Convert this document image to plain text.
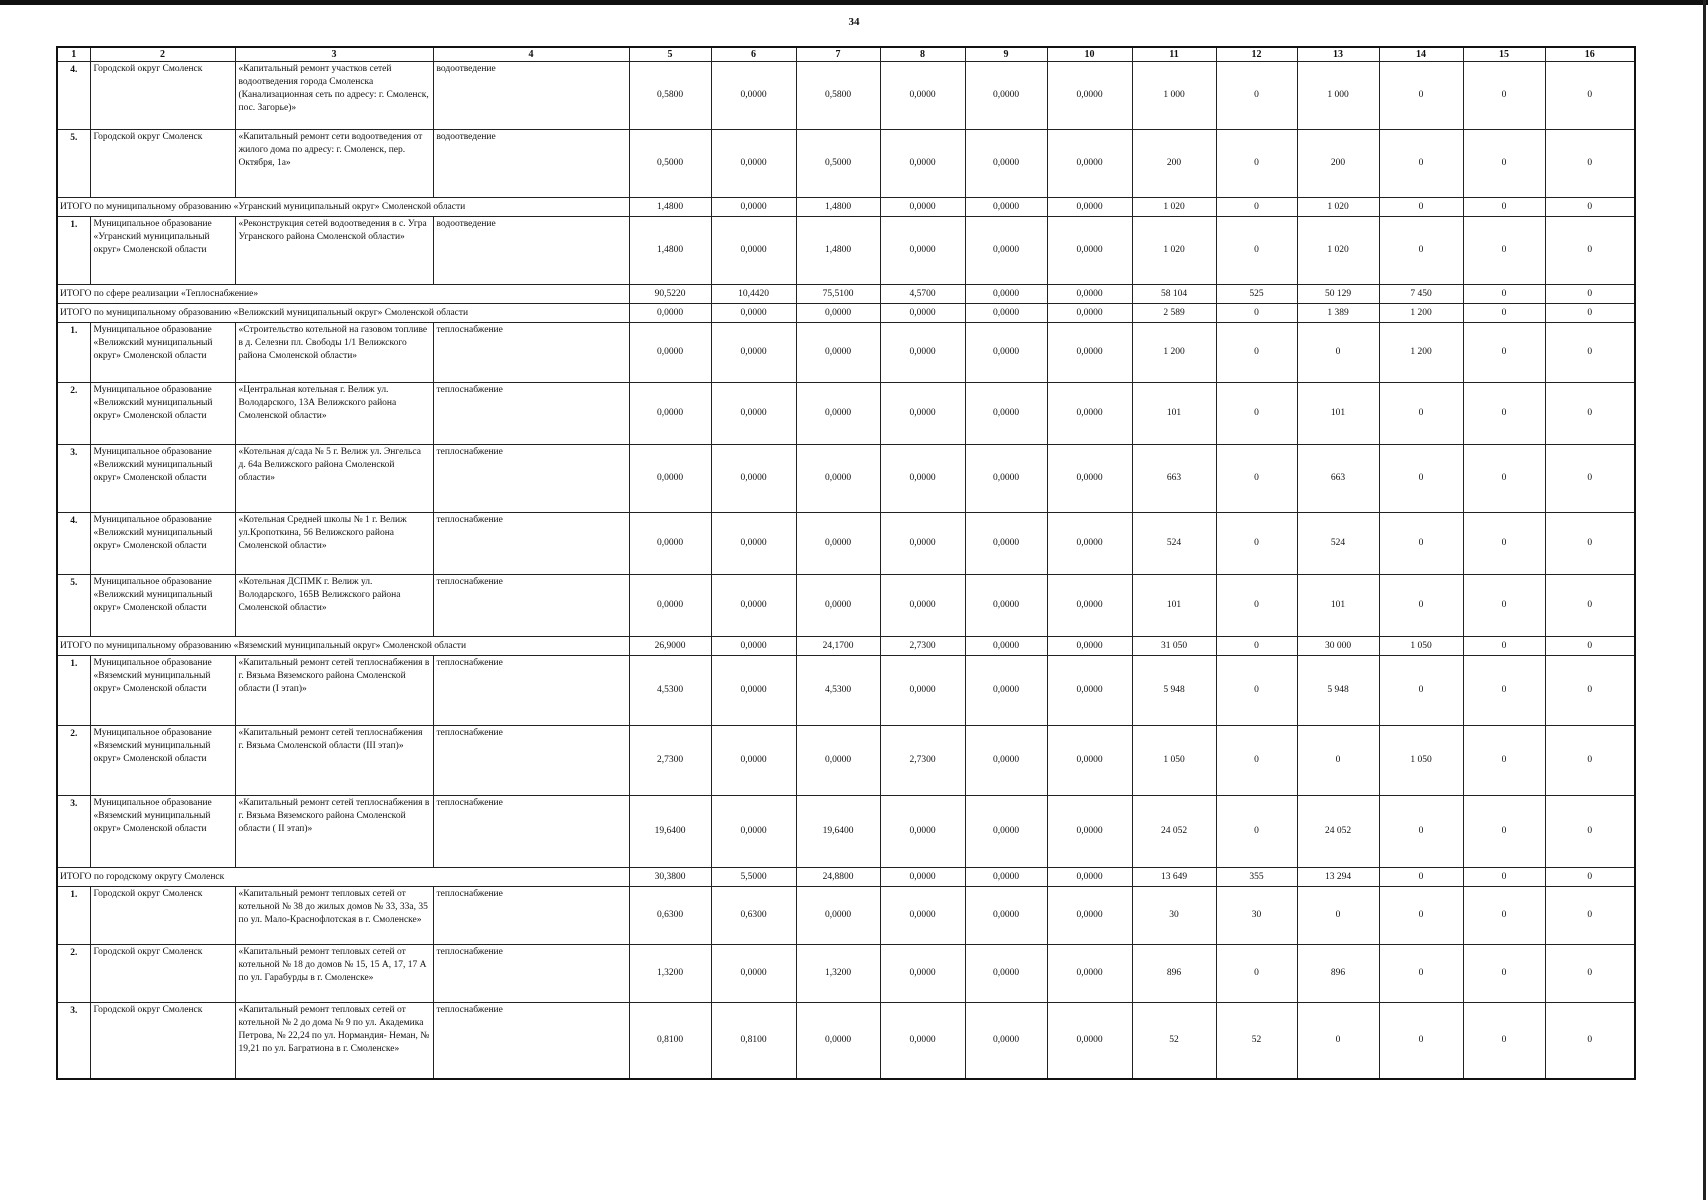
34
1	2	3	4	5	6	7	8	9	10	11	12	13	14	15	16
4.	Городской округ Смоленск	«Капитальный ремонт участков сетей водоотведения города Смоленска (Канализационная сеть по адресу: г. Смоленск, пос. Загорье)»	водоотведение	0,5800	0,0000	0,5800	0,0000	0,0000	0,0000	1 000	0	1 000	0	0	0
5.	Городской округ Смоленск	«Капитальный ремонт сети водоотведения от жилого дома по адресу: г. Смоленск, пер. Октября, 1а»	водоотведение	0,5000	0,0000	0,5000	0,0000	0,0000	0,0000	200	0	200	0	0	0
ИТОГО по муниципальному образованию «Угранский муниципальный округ» Смоленской области				1,4800	0,0000	1,4800	0,0000	0,0000	0,0000	1 020	0	1 020	0	0	0
1.	Муниципальное образование «Угранский муниципальный округ» Смоленской области	«Реконструкция сетей водоотведения в с. Угра Угранского района Смоленской области»	водоотведение	1,4800	0,0000	1,4800	0,0000	0,0000	0,0000	1 020	0	1 020	0	0	0
ИТОГО по сфере реализации «Теплоснабжение»				90,5220	10,4420	75,5100	4,5700	0,0000	0,0000	58 104	525	50 129	7 450	0	0
ИТОГО по муниципальному образованию «Велижский муниципальный округ» Смоленской области				0,0000	0,0000	0,0000	0,0000	0,0000	0,0000	2 589	0	1 389	1 200	0	0
1.	Муниципальное образование «Велижский муниципальный округ» Смоленской области	«Строительство котельной на газовом топливе в д. Селезни пл. Свободы 1/1 Велижского района Смоленской области»	теплоснабжение	0,0000	0,0000	0,0000	0,0000	0,0000	0,0000	1 200	0	0	1 200	0	0
2.	Муниципальное образование «Велижский муниципальный округ» Смоленской области	«Центральная котельная г. Велиж ул. Володарского, 13А Велижского района Смоленской области»	теплоснабжение	0,0000	0,0000	0,0000	0,0000	0,0000	0,0000	101	0	101	0	0	0
3.	Муниципальное образование «Велижский муниципальный округ» Смоленской области	«Котельная д/сада № 5 г. Велиж ул. Энгельса д. 64а Велижского района Смоленской области»	теплоснабжение	0,0000	0,0000	0,0000	0,0000	0,0000	0,0000	663	0	663	0	0	0
4.	Муниципальное образование «Велижский муниципальный округ» Смоленской области	«Котельная Средней школы № 1 г. Велиж ул.Кропоткина, 56 Велижского района Смоленской области»	теплоснабжение	0,0000	0,0000	0,0000	0,0000	0,0000	0,0000	524	0	524	0	0	0
5.	Муниципальное образование «Велижский муниципальный округ» Смоленской области	«Котельная ДСПМК г. Велиж ул. Володарского, 165В Велижского района Смоленской области»	теплоснабжение	0,0000	0,0000	0,0000	0,0000	0,0000	0,0000	101	0	101	0	0	0
ИТОГО по муниципальному образованию «Вяземский муниципальный округ» Смоленской области				26,9000	0,0000	24,1700	2,7300	0,0000	0,0000	31 050	0	30 000	1 050	0	0
1.	Муниципальное образование «Вяземский муниципальный округ» Смоленской области	«Капитальный ремонт сетей теплоснабжения в г. Вязьма Вяземского района Смоленской области (I этап)»	теплоснабжение	4,5300	0,0000	4,5300	0,0000	0,0000	0,0000	5 948	0	5 948	0	0	0
2.	Муниципальное образование «Вяземский муниципальный округ» Смоленской области	«Капитальный ремонт сетей теплоснабжения г. Вязьма Смоленской области (III этап)»	теплоснабжение	2,7300	0,0000	0,0000	2,7300	0,0000	0,0000	1 050	0	0	1 050	0	0
3.	Муниципальное образование «Вяземский муниципальный округ» Смоленской области	«Капитальный ремонт сетей теплоснабжения в г. Вязьма Вяземского района Смоленской области ( II этап)»	теплоснабжение	19,6400	0,0000	19,6400	0,0000	0,0000	0,0000	24 052	0	24 052	0	0	0
ИТОГО по городскому округу Смоленск				30,3800	5,5000	24,8800	0,0000	0,0000	0,0000	13 649	355	13 294	0	0	0
1.	Городской округ Смоленск	«Капитальный ремонт тепловых сетей от котельной № 38 до жилых домов № 33, 33а, 35 по ул. Мало-Краснофлотская в г. Смоленске»	теплоснабжение	0,6300	0,6300	0,0000	0,0000	0,0000	0,0000	30	30	0	0	0	0
2.	Городской округ Смоленск	«Капитальный ремонт тепловых сетей от котельной № 18 до домов № 15, 15 А, 17, 17 А по ул. Гарабурды в г. Смоленске»	теплоснабжение	1,3200	0,0000	1,3200	0,0000	0,0000	0,0000	896	0	896	0	0	0
3.	Городской округ Смоленск	«Капитальный ремонт тепловых сетей от котельной № 2 до дома № 9 по ул. Академика Петрова, № 22,24 по ул. Нормандия- Неман, № 19,21 по ул. Багратиона в г. Смоленске»	теплоснабжение	0,8100	0,8100	0,0000	0,0000	0,0000	0,0000	52	52	0	0	0	0
